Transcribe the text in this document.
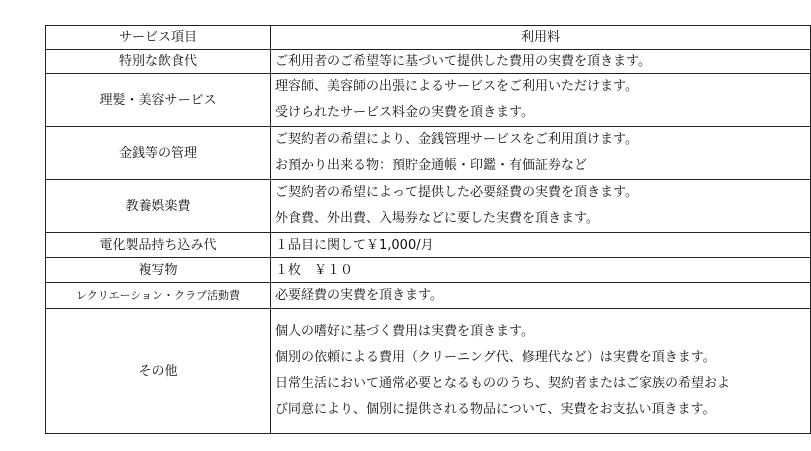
サービス項目	利用料
特別な飲食代	ご利用者のご希望等に基づいて提供した費用の実費を頂きます。
理髪・美容サービス	理容師、美容師の出張によるサービスをご利用いただけます。
受けられたサービス料金の実費を頂きます。

金銭等の管理	ご契約者の希望により、金銭管理サービスをご利用頂けます。
お預かり出来る物：預貯金通帳・印鑑・有価証券など

教養娯楽費	ご契約者の希望によって提供した必要経費の実費を頂きます。
外食費、外出費、入場券などに要した実費を頂きます。

電化製品持ち込み代	１品目に関して￥1,000/月
複写物	１枚　￥１０
レクリエーション・クラブ活動費	必要経費の実費を頂きます。
その他	個人の嗜好に基づく費用は実費を頂きます。
個別の依頼による費用（クリーニング代、修理代など）は実費を頂きます。
日常生活において通常必要となるもののうち、契約者またはご家族の希望およ
び同意により、個別に提供される物品について、実費をお支払い頂きます。
